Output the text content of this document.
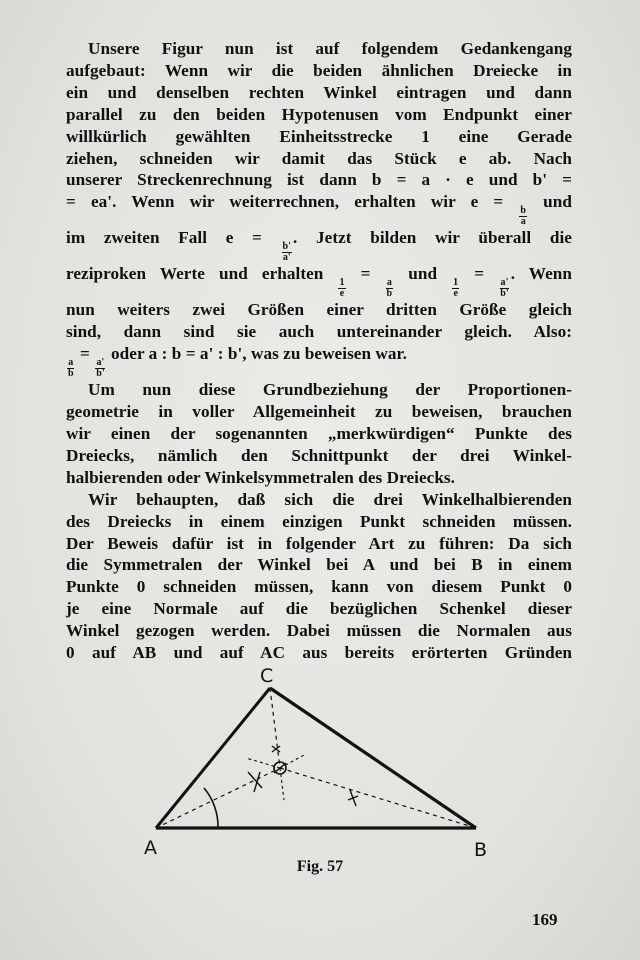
Unsere Figur nun ist auf folgendem Gedankengang
aufgebaut: Wenn wir die beiden ähnlichen Dreiecke in
ein und denselben rechten Winkel eintragen und dann
parallel zu den beiden Hypotenusen vom Endpunkt einer
willkürlich gewählten Einheitsstrecke 1 eine Gerade
ziehen, schneiden wir damit das Stück e ab. Nach
unserer Streckenrechnung ist dann b = a · e und b' =
= ea'. Wenn wir weiterrechnen, erhalten wir e =
$\frac{b}{a}$
und
im zweiten Fall e =
$\frac{b'}{a'}$
. Jetzt bilden wir überall die
reziproken Werte und erhalten
$\frac{1}{e}$
=
$\frac{a}{b}$
und
$\frac{1}{e}$
=
$\frac{a'}{b'}$
. Wenn
nun weiters zwei Größen einer dritten Größe gleich
sind, dann sind sie auch untereinander gleich. Also:
$\frac{a}{b}$
=
$\frac{a'}{b'}$
oder a : b = a' : b', was zu beweisen war.
Um nun diese Grundbeziehung der Proportionen-
geometrie in voller Allgemeinheit zu beweisen, brauchen
wir einen der sogenannten „merkwürdigen“ Punkte des
Dreiecks, nämlich den Schnittpunkt der drei Winkel-
halbierenden oder Winkelsymmetralen des Dreiecks.
Wir behaupten, daß sich die drei Winkelhalbierenden
des Dreiecks in einem einzigen Punkt schneiden müssen.
Der Beweis dafür ist in folgender Art zu führen: Da sich
die Symmetralen der Winkel bei A und bei B in einem
Punkte 0 schneiden müssen, kann von diesem Punkt 0
je eine Normale auf die bezüglichen Schenkel dieser
Winkel gezogen werden. Dabei müssen die Normalen aus
0 auf AB und auf AC aus bereits erörterten Gründen
A	B
C
Fig. 57
169
